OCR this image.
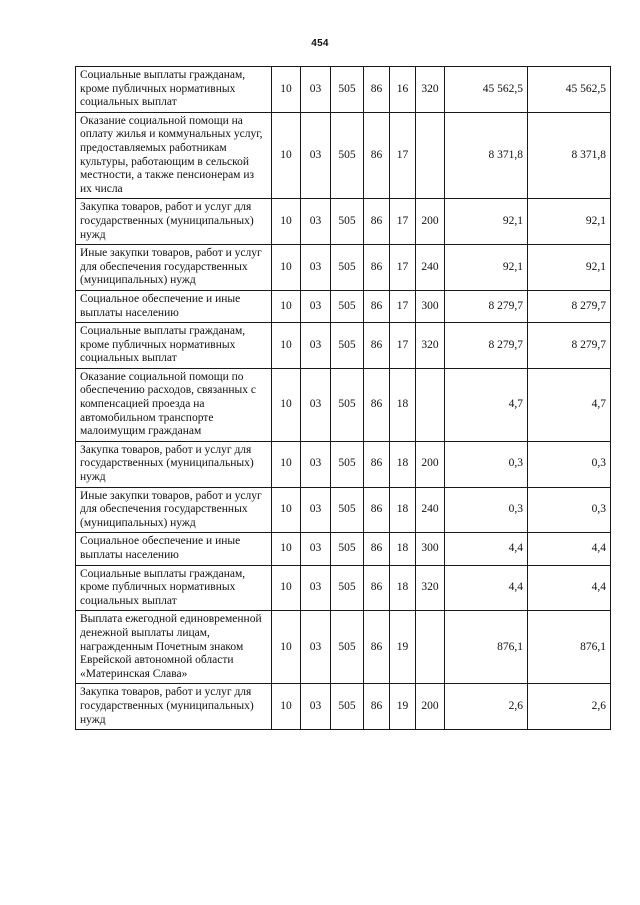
454
Социальные выплаты гражданам, кроме публичных нормативных социальных выплат	10	03	505	86	16	320	45 562,5	45 562,5
Оказание социальной помощи на оплату жилья и коммунальных услуг, предоставляемых работникам культуры, работающим в сельской местности, а также пенсионерам из их числа	10	03	505	86	17		8 371,8	8 371,8
Закупка товаров, работ и услуг для государственных (муниципальных) нужд	10	03	505	86	17	200	92,1	92,1
Иные закупки товаров, работ и услуг для обеспечения государственных (муниципальных) нужд	10	03	505	86	17	240	92,1	92,1
Социальное обеспечение и иные выплаты населению	10	03	505	86	17	300	8 279,7	8 279,7
Социальные выплаты гражданам, кроме публичных нормативных социальных выплат	10	03	505	86	17	320	8 279,7	8 279,7
Оказание социальной помощи по обеспечению расходов, связанных с компенсацией проезда на автомобильном транспорте малоимущим гражданам	10	03	505	86	18		4,7	4,7
Закупка товаров, работ и услуг для государственных (муниципальных) нужд	10	03	505	86	18	200	0,3	0,3
Иные закупки товаров, работ и услуг для обеспечения государственных (муниципальных) нужд	10	03	505	86	18	240	0,3	0,3
Социальное обеспечение и иные выплаты населению	10	03	505	86	18	300	4,4	4,4
Социальные выплаты гражданам, кроме публичных нормативных социальных выплат	10	03	505	86	18	320	4,4	4,4
Выплата ежегодной единовременной денежной выплаты лицам, награжденным Почетным знаком Еврейской автономной области «Материнская Слава»	10	03	505	86	19		876,1	876,1
Закупка товаров, работ и услуг для государственных (муниципальных) нужд	10	03	505	86	19	200	2,6	2,6
